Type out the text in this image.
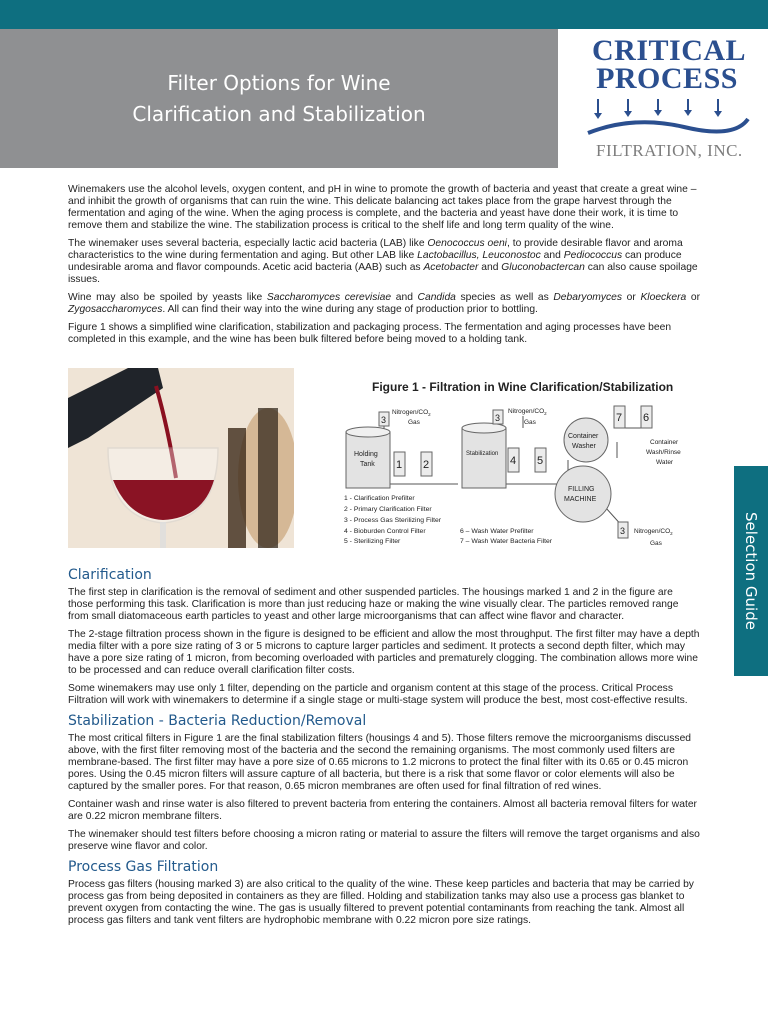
Filter Options for Wine
Clarification and Stabilization
CRITICAL
PROCESS
FILTRATION, INC.
Selection Guide

Winemakers use the alcohol levels, oxygen content, and pH in wine to promote the growth of bacteria and yeast that create a great wine – and inhibit the growth of organisms that can ruin the wine. This delicate balancing act takes place from the grape harvest through the fermentation and aging of the wine. When the aging process is complete, and the bacteria and yeast have done their work, it is time to remove them and stabilize the wine. The stabilization process is critical to the shelf life and long term quality of the wine.

The winemaker uses several bacteria, especially lactic acid bacteria (LAB) like Oenococcus oeni, to provide desirable flavor and aroma characteristics to the wine during fermentation and aging. But other LAB like Lactobacillus, Leuconostoc and Pediococcus can produce undesirable aroma and flavor compounds. Acetic acid bacteria (AAB) such as Acetobacter and Gluconobactercan can also cause spoilage issues.

Wine may also be spoiled by yeasts like Saccharomyces cerevisiae and Candida species as well as Debaryomyces or Kloeckera or Zygosaccharomyces. All can find their way into the wine during any stage of production prior to bottling.

Figure 1 shows a simplified wine clarification, stabilization and packaging process. The fermentation and aging processes have been completed in this example, and the wine has been bulk filtered before being moved to a holding tank.

Figure 1 - Filtration in Wine Clarification/Stabilization
Holding
Tank
Stabilization
3
1 2
3
4 5
7 6
3
Nitrogen/$CO_2$
Gas
Nitrogen/$CO_2$
Gas
Nitrogen/$CO_2$
Gas
Container
Wash/Rinse
Water
Container
Washer
FILLING
MACHINE
1 - Clarification Prefilter
2 - Primary Clarification Filter
3 - Process Gas Sterilizing Filter
4 - Bioburden Control Filter
5 - Sterilizing Filter
6 – Wash Water Prefilter
7 – Wash Water Bacteria Filter
Clarification

The first step in clarification is the removal of sediment and other suspended particles. The housings marked 1 and 2 in the figure are those performing this task. Clarification is more than just reducing haze or making the wine visually clear. The particles removed range from small diatomaceous earth particles to yeast and other large microorganisms that can affect wine flavor and character.

The 2-stage filtration process shown in the figure is designed to be efficient and allow the most throughput. The first filter may have a depth media filter with a pore size rating of 3 or 5 microns to capture larger particles and sediment. It protects a second depth filter, which may have a pore size rating of 1 micron, from becoming overloaded with particles and prematurely clogging. The combination allows more wine to be processed and can reduce overall clarification filter costs.

Some winemakers may use only 1 filter, depending on the particle and organism content at this stage of the process. Critical Process Filtration will work with winemakers to determine if a single stage or multi-stage system will produce the best, most cost-effective results.

Stabilization - Bacteria Reduction/Removal

The most critical filters in Figure 1 are the final stabilization filters (housings 4 and 5). Those filters remove the microorganisms discussed above, with the first filter removing most of the bacteria and the second the remaining organisms. The most commonly used filters are membrane-based. The first filter may have a pore size of 0.65 microns to 1.2 microns to protect the final filter with its 0.65 or 0.45 micron pores. Using the 0.45 micron filters will assure capture of all bacteria, but there is a risk that some flavor or color elements will also be captured by the smaller pores. For that reason, 0.65 micron membranes are often used for final filtration of red wines.

Container wash and rinse water is also filtered to prevent bacteria from entering the containers. Almost all bacteria removal filters for water are 0.22 micron membrane filters.

The winemaker should test filters before choosing a micron rating or material to assure the filters will remove the target organisms and also preserve wine flavor and color.

Process Gas Filtration

Process gas filters (housing marked 3) are also critical to the quality of the wine. These keep particles and bacteria that may be carried by process gas from being deposited in containers as they are filled. Holding and stabilization tanks may also use a process gas blanket to prevent oxygen from contacting the wine. The gas is usually filtered to prevent potential contaminants from reaching the tank. Almost all process gas filters and tank vent filters are hydrophobic membrane with 0.22 micron pore size ratings.
